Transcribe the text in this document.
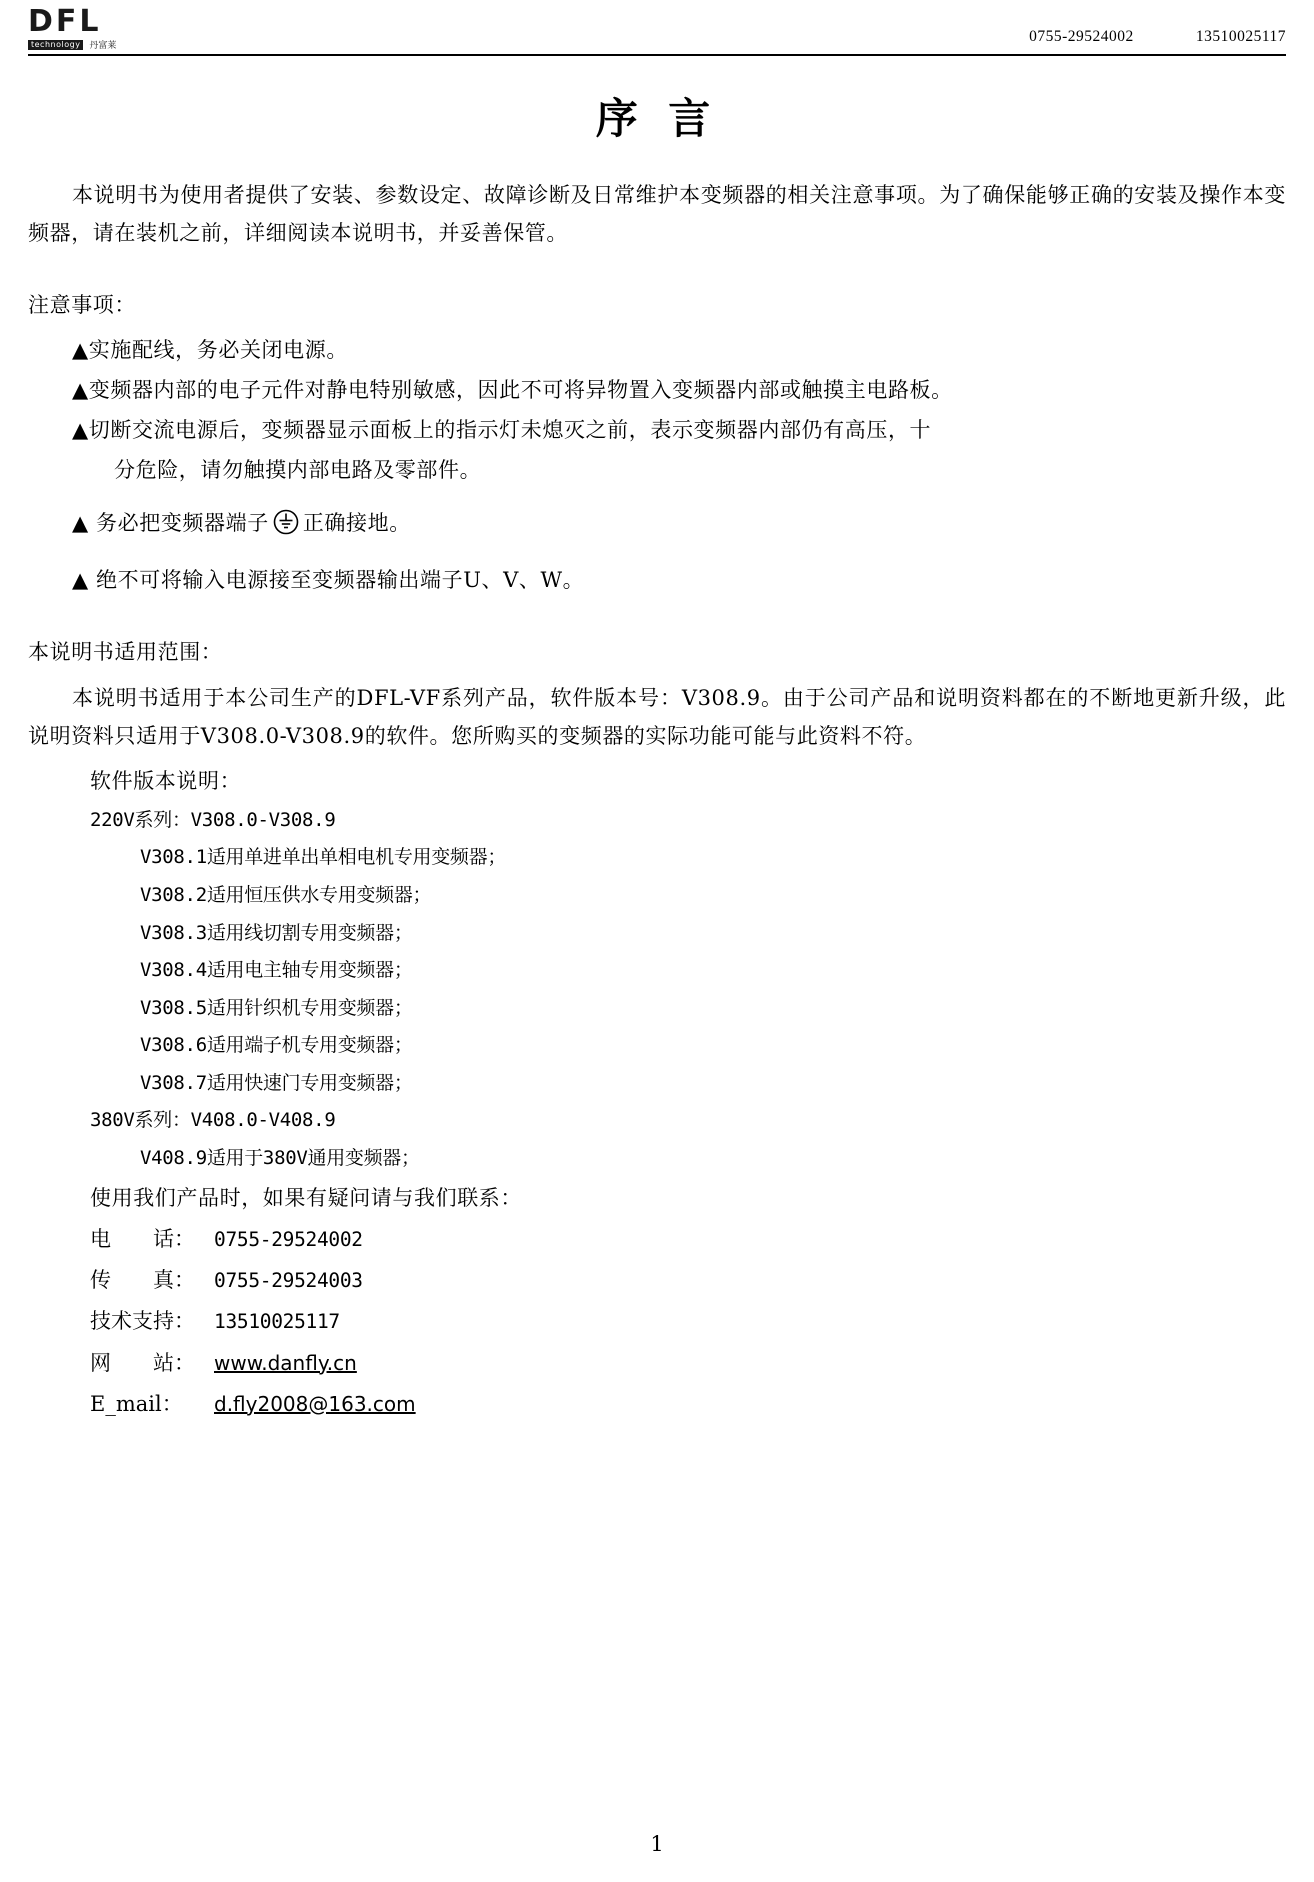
DFL
technology	丹富莱	0755-29524002	13510025117
序 言

本说明书为使用者提供了安装、参数设定、故障诊断及日常维护本变频器的相关注意事项。为了确保能够正确的安装及操作本变频器，请在装机之前，详细阅读本说明书，并妥善保管。

注意事项：

▲实施配线，务必关闭电源。

▲变频器内部的电子元件对静电特别敏感，因此不可将异物置入变频器内部或触摸主电路板。

▲切断交流电源后，变频器显示面板上的指示灯未熄灭之前，表示变频器内部仍有高压，十

分危险，请勿触摸内部电路及零部件。

▲ 务必把变频器端子 正确接地。

▲ 绝不可将输入电源接至变频器输出端子U、V、W。

本说明书适用范围：

本说明书适用于本公司生产的DFL-VF系列产品，软件版本号：V308.9。由于公司产品和说明资料都在的不断地更新升级，此说明资料只适用于V308.0-V308.9的软件。您所购买的变频器的实际功能可能与此资料不符。

软件版本说明：

220V系列：V308.0-V308.9

V308.1适用单进单出单相电机专用变频器；

V308.2适用恒压供水专用变频器；

V308.3适用线切割专用变频器；

V308.4适用电主轴专用变频器；

V308.5适用针织机专用变频器；

V308.6适用端子机专用变频器；

V308.7适用快速门专用变频器；

380V系列：V408.0-V408.9

V408.9适用于380V通用变频器；

使用我们产品时，如果有疑问请与我们联系：

电　　话： 0755-29524002
传　　真： 0755-29524003
技术支持： 13510025117
网　　站： www.danfly.cn
E_mail：	d.fly2008@163.com
1
